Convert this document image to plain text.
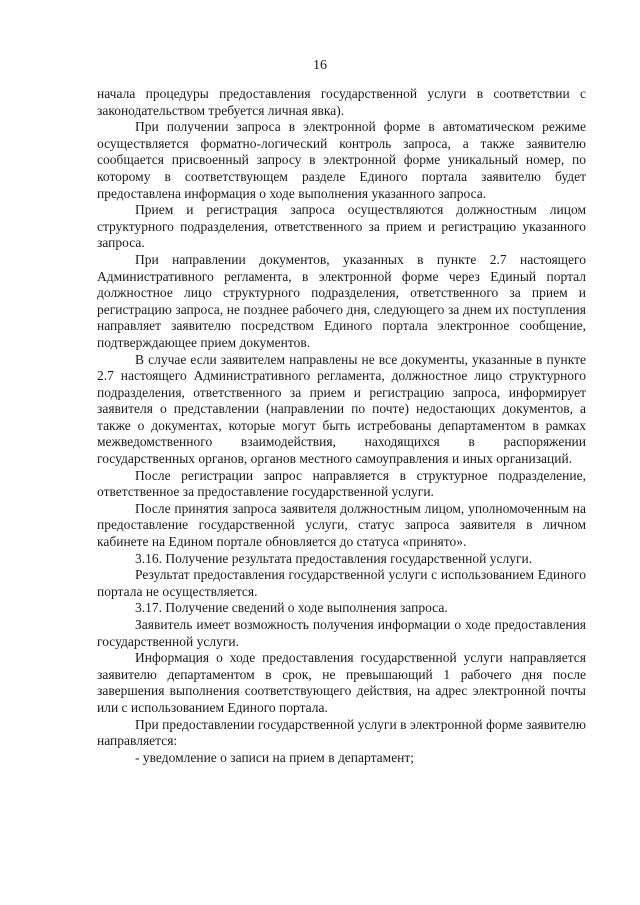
16

начала процедуры предоставления государственной услуги в соответствии с законодательством требуется личная явка).

При получении запроса в электронной форме в автоматическом режиме осуществляется форматно-логический контроль запроса, а также заявителю сообщается присвоенный запросу в электронной форме уникальный номер, по которому в соответствующем разделе Единого портала заявителю будет предоставлена информация о ходе выполнения указанного запроса.

Прием и регистрация запроса осуществляются должностным лицом структурного подразделения, ответственного за прием и регистрацию указанного запроса.

При направлении документов, указанных в пункте 2.7 настоящего Административного регламента, в электронной форме через Единый портал должностное лицо структурного подразделения, ответственного за прием и регистрацию запроса, не позднее рабочего дня, следующего за днем их поступления направляет заявителю посредством Единого портала электронное сообщение, подтверждающее прием документов.

В случае если заявителем направлены не все документы, указанные в пункте 2.7 настоящего Административного регламента, должностное лицо структурного подразделения, ответственного за прием и регистрацию запроса, информирует заявителя о представлении (направлении по почте) недостающих документов, а также о документах, которые могут быть истребованы департаментом в рамках межведомственного взаимодействия, находящихся в распоряжении государственных органов, органов местного самоуправления и иных организаций.

После регистрации запрос направляется в структурное подразделение, ответственное за предоставление государственной услуги.

После принятия запроса заявителя должностным лицом, уполномоченным на предоставление государственной услуги, статус запроса заявителя в личном кабинете на Едином портале обновляется до статуса «принято».

3.16. Получение результата предоставления государственной услуги.

Результат предоставления государственной услуги с использованием Единого портала не осуществляется.

3.17. Получение сведений о ходе выполнения запроса.

Заявитель имеет возможность получения информации о ходе предоставления государственной услуги.

Информация о ходе предоставления государственной услуги направляется заявителю департаментом в срок, не превышающий 1 рабочего дня после завершения выполнения соответствующего действия, на адрес электронной почты или с использованием Единого портала.

При предоставлении государственной услуги в электронной форме заявителю направляется:

- уведомление о записи на прием в департамент;
